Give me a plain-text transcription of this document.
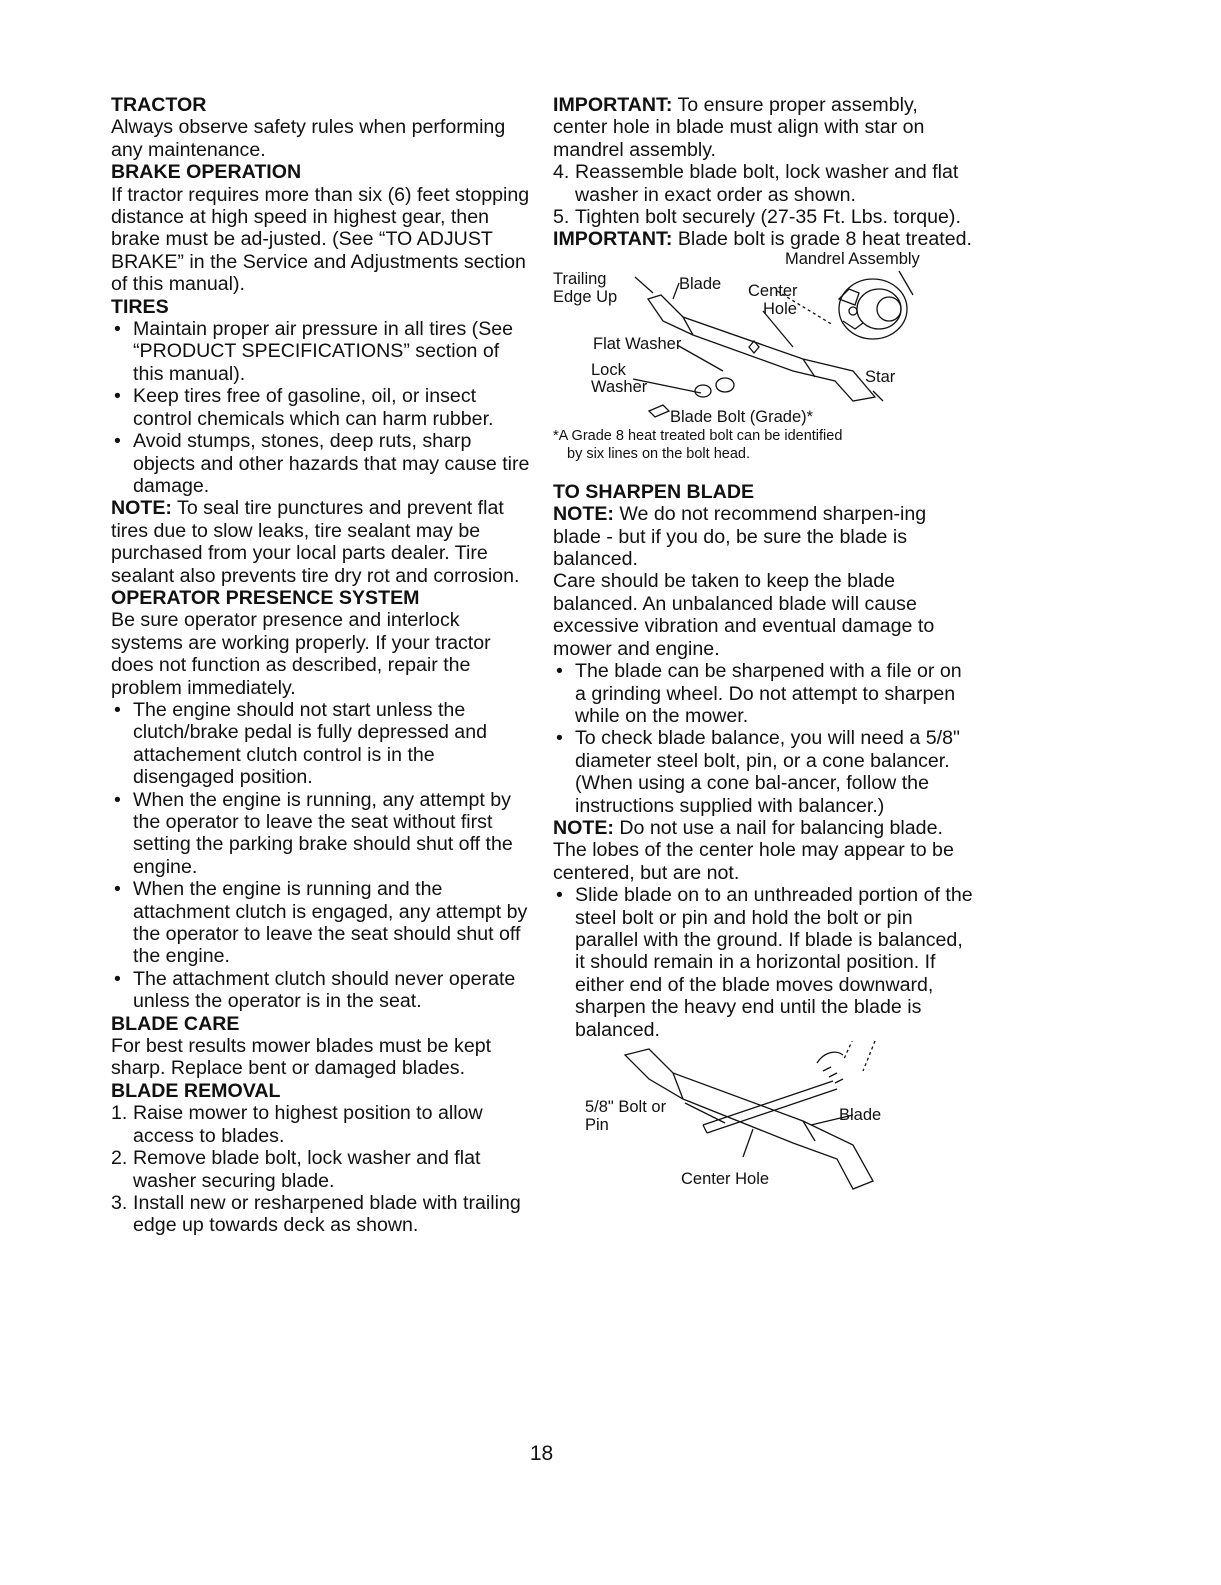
TRACTOR

Always observe safety rules when performing any maintenance.

BRAKE OPERATION

If tractor requires more than six (6) feet stopping distance at high speed in highest gear, then brake must be ad-justed. (See “TO ADJUST BRAKE” in the Service and Adjustments section of this manual).

TIRES

• Maintain proper air pressure in all tires (See “PRODUCT SPECIFICATIONS” section of this manual).
• Keep tires free of gasoline, oil, or insect control chemicals which can harm rubber.
• Avoid stumps, stones, deep ruts, sharp objects and other hazards that may cause tire damage.

NOTE: To seal tire punctures and prevent flat tires due to slow leaks, tire sealant may be purchased from your local parts dealer. Tire sealant also prevents tire dry rot and corrosion.

OPERATOR PRESENCE SYSTEM

Be sure operator presence and interlock systems are working properly. If your tractor does not function as described, repair the problem immediately.

• The engine should not start unless the clutch/brake pedal is fully depressed and attachement clutch control is in the disengaged position.
• When the engine is running, any attempt by the operator to leave the seat without first setting the parking brake should shut off the engine.
• When the engine is running and the attachment clutch is engaged, any attempt by the operator to leave the seat should shut off the engine.
• The attachment clutch should never operate unless the operator is in the seat.

BLADE CARE

For best results mower blades must be kept sharp. Replace bent or damaged blades.

BLADE REMOVAL

1. Raise mower to highest position to allow access to blades.
2. Remove blade bolt, lock washer and flat washer securing blade.
3. Install new or resharpened blade with trailing edge up towards deck as shown.

IMPORTANT: To ensure proper assembly, center hole in blade must align with star on mandrel assembly.

4. Reassemble blade bolt, lock washer and flat washer in exact order as shown.
5. Tighten bolt securely (27-35 Ft. Lbs. torque).

IMPORTANT: Blade bolt is grade 8 heat treated.

Mandrel Assembly
Trailing
Edge Up
Blade Center
Hole
Flat Washer
Lock
Washer
Star
Blade Bolt (Grade)*

*A Grade 8 heat treated bolt can be identified

by six lines on the bolt head.

TO SHARPEN BLADE

NOTE: We do not recommend sharpen-ing blade - but if you do, be sure the blade is balanced.

Care should be taken to keep the blade balanced. An unbalanced blade will cause excessive vibration and eventual damage to mower and engine.

• The blade can be sharpened with a file or on a grinding wheel. Do not attempt to sharpen while on the mower.
• To check blade balance, you will need a 5/8" diameter steel bolt, pin, or a cone balancer. (When using a cone bal-ancer, follow the instructions supplied with balancer.)

NOTE: Do not use a nail for balancing blade. The lobes of the center hole may appear to be centered, but are not.

• Slide blade on to an unthreaded portion of the steel bolt or pin and hold the bolt or pin parallel with the ground. If blade is balanced, it should remain in a horizontal position. If either end of the blade moves downward, sharpen the heavy end until the blade is balanced.
5/8" Bolt or
Pin
Blade
Center Hole
18
